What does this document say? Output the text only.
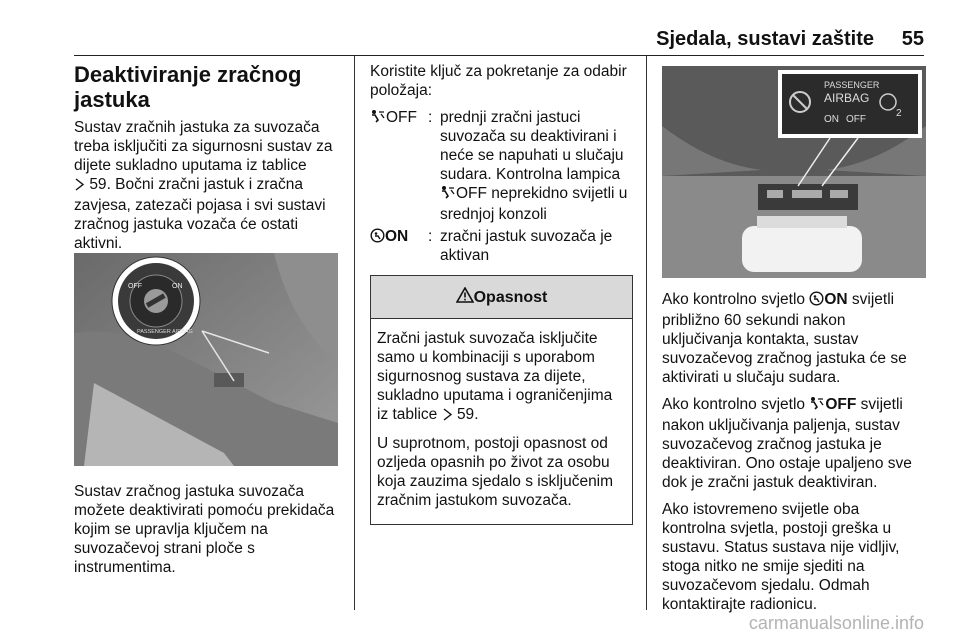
Sjedala, sustavi zaštite 55
Deaktiviranje zračnog
jastuka

Sustav zračnih jastuka za suvozača treba isključiti za sigurnosni sustav za dijete sukladno uputama iz tablice
59. Bočni zračni jastuk i zračna zavjesa, zatezači pojasa i svi sustavi zračnog jastuka vozača će ostati aktivni.

OFF	ON
PASSENGER AIRBAG
Sustav zračnog jastuka suvozača možete deaktivirati pomoću prekidača kojim se upravlja ključem na suvozačevoj strani ploče s instrumentima.

Koristite ključ za pokretanje za odabir položaja:

OFF : prednji zračni jastuci suvozača su deaktivirani i neće se napuhati u slučaju sudara. Kontrolna lampica OFF neprekidno svijetli u srednjoj konzoli
ON	: zračni jastuk suvozača je aktivan
Opasnost

Zračni jastuk suvozača isključite samo u kombinaciji s uporabom sigurnosnog sustava za dijete, sukladno uputama i ograničenjima iz tablice 59.

U suprotnom, postoji opasnost od ozljeda opasnih po život za osobu koja zauzima sjedalo s isključenim zračnim jastukom suvozača.

PASSENGER
AIRBAG
ON OFF
2

Ako kontrolno svjetlo ON svijetli približno 60 sekundi nakon uključivanja kontakta, sustav suvozačevog zračnog jastuka će se aktivirati u slučaju sudara.

Ako kontrolno svjetlo OFF svijetli nakon uključivanja paljenja, sustav suvozačevog zračnog jastuka je deaktiviran. Ono ostaje upaljeno sve dok je zračni jastuk deaktiviran.

Ako istovremeno svijetle oba kontrolna svjetla, postoji greška u sustavu. Status sustava nije vidljiv, stoga nitko ne smije sjediti na suvozačevom sjedalu. Odmah kontaktirajte radionicu.

carmanualsonline.info
